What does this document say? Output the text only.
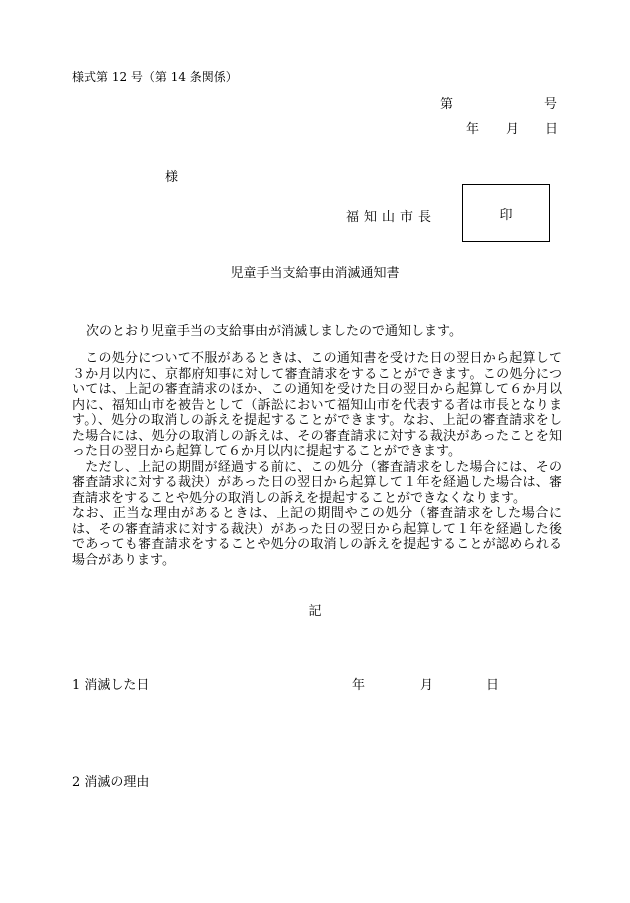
様式第 12 号（第 14 条関係）
第	号
年 月 日
様
福知山市長	印
児童手当支給事由消滅通知書
次のとおり児童手当の支給事由が消滅しましたので通知します。

　この処分について不服があるときは、この通知書を受けた日の翌日から起算して３か月以内に、京都府知事に対して審査請求をすることができます。この処分については、上記の審査請求のほか、この通知を受けた日の翌日から起算して６か月以内に、福知山市を被告として（訴訟において福知山市を代表する者は市長となります。）、処分の取消しの訴えを提起することができます。なお、上記の審査請求をした場合には、処分の取消しの訴えは、その審査請求に対する裁決があったことを知った日の翌日から起算して６か月以内に提起することができます。

　ただし、上記の期間が経過する前に、この処分（審査請求をした場合には、その審査請求に対する裁決）があった日の翌日から起算して１年を経過した場合は、審査請求をすることや処分の取消しの訴えを提起することができなくなります。

なお、正当な理由があるときは、上記の期間やこの処分（審査請求をした場合には、その審査請求に対する裁決）があった日の翌日から起算して１年を経過した後であっても審査請求をすることや処分の取消しの訴えを提起することが認められる場合があります。

記
1 消滅した日	年	月	日
2 消滅の理由
